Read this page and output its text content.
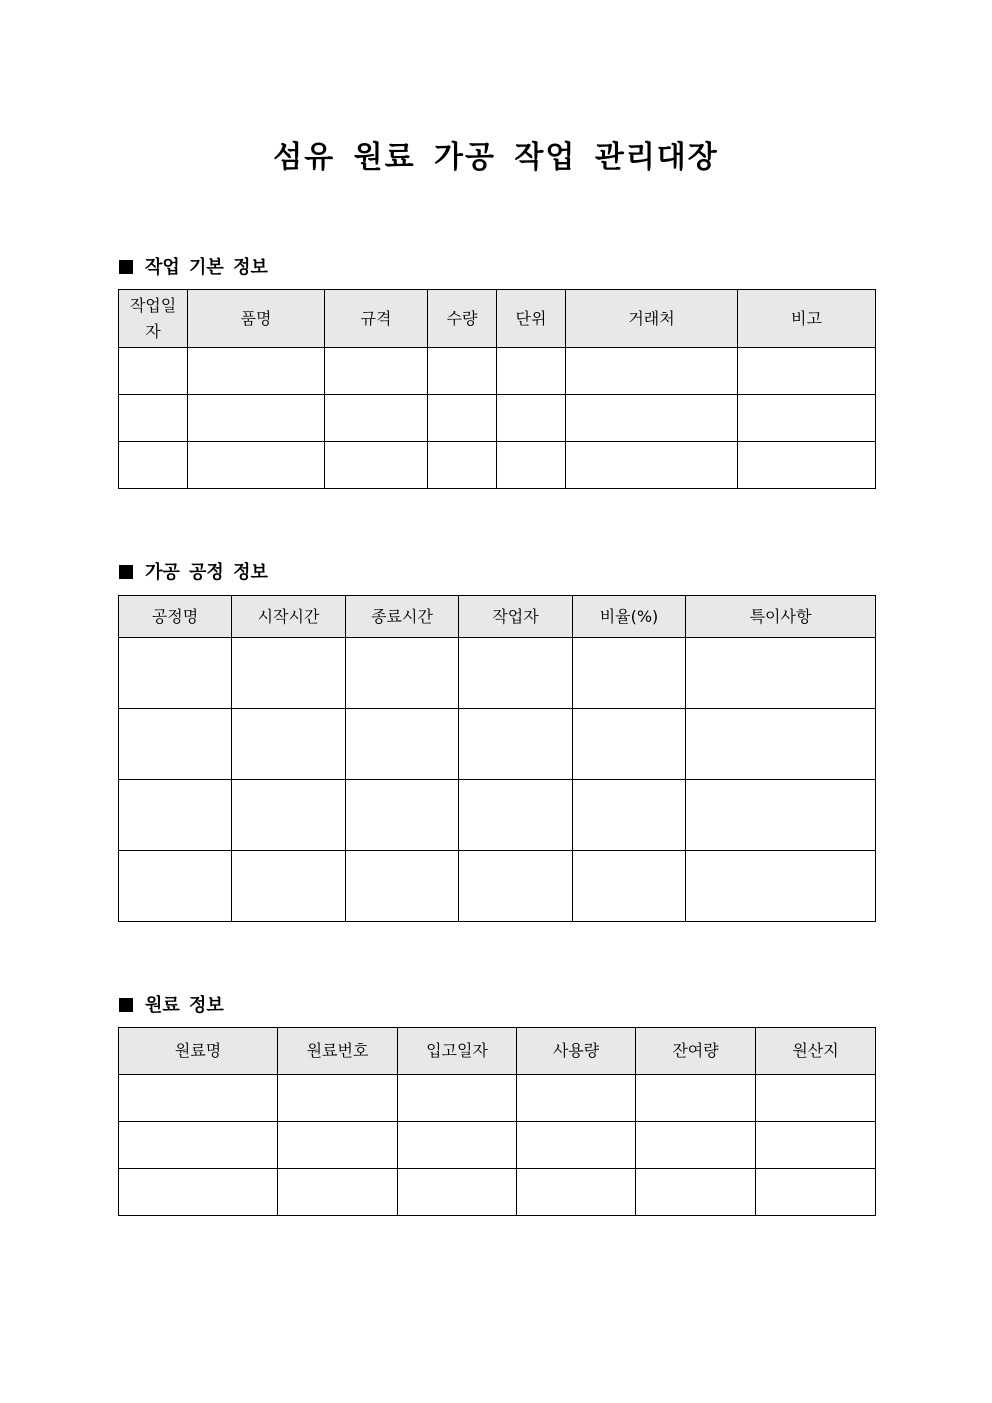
섬유 원료 가공 작업 관리대장
작업 기본 정보
작업일자	품명	규격	수량	단위	거래처	비고

가공 공정 정보
공정명	시작시간	종료시간	작업자	비율(%)	특이사항

원료 정보
원료명	원료번호	입고일자	사용량	잔여량	원산지
